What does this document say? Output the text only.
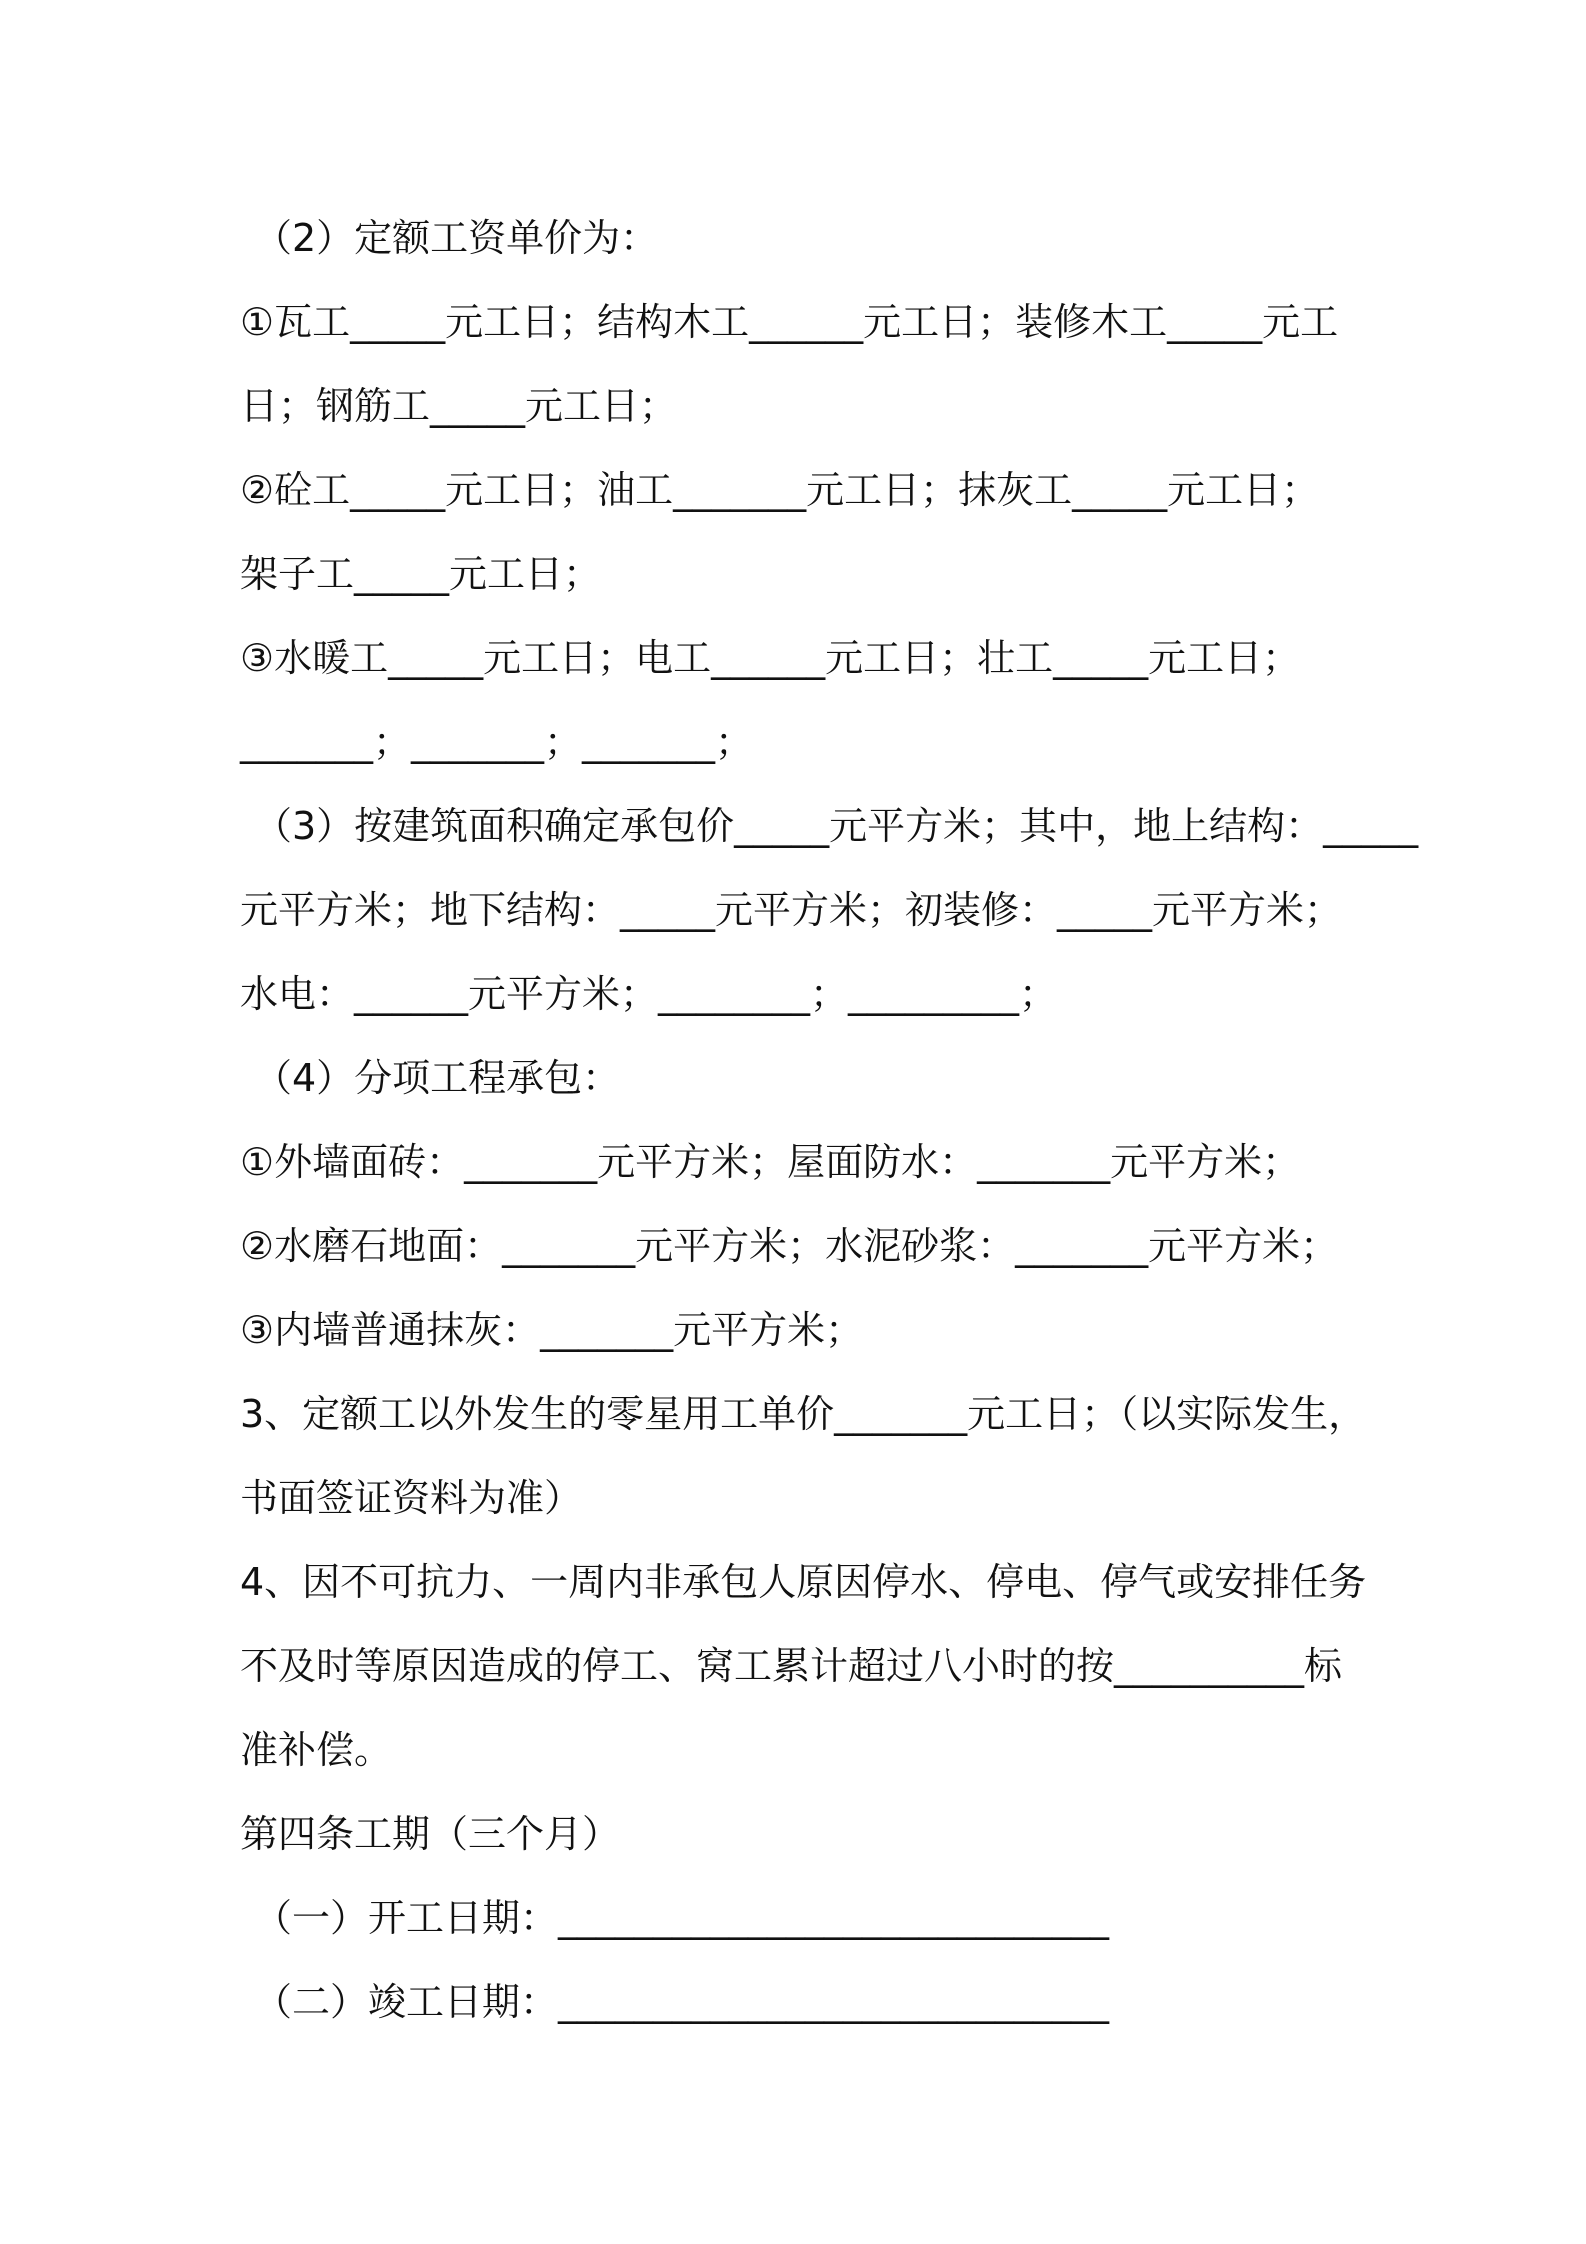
（2）定额工资单价为：
①瓦工_____元工日；结构木工______元工日；装修木工_____元工
日；钢筋工_____元工日；
②砼工_____元工日；油工_______元工日；抹灰工_____元工日；
架子工_____元工日；
③水暖工_____元工日；电工______元工日；壮工_____元工日；
_______；_______；_______；
（3）按建筑面积确定承包价_____元平方米；其中，地上结构：_____
元平方米；地下结构：_____元平方米；初装修：_____元平方米；
水电：______元平方米；________；_________；
（4）分项工程承包：
①外墙面砖：_______元平方米；屋面防水：_______元平方米；
②水磨石地面：_______元平方米；水泥砂浆：_______元平方米；
③内墙普通抹灰：_______元平方米；
3、定额工以外发生的零星用工单价_______元工日；（以实际发生，
书面签证资料为准）
4、因不可抗力、一周内非承包人原因停水、停电、停气或安排任务
不及时等原因造成的停工、窝工累计超过八小时的按__________标
准补偿。
第四条工期（三个月）
（一）开工日期：_____________________________
（二）竣工日期：_____________________________
